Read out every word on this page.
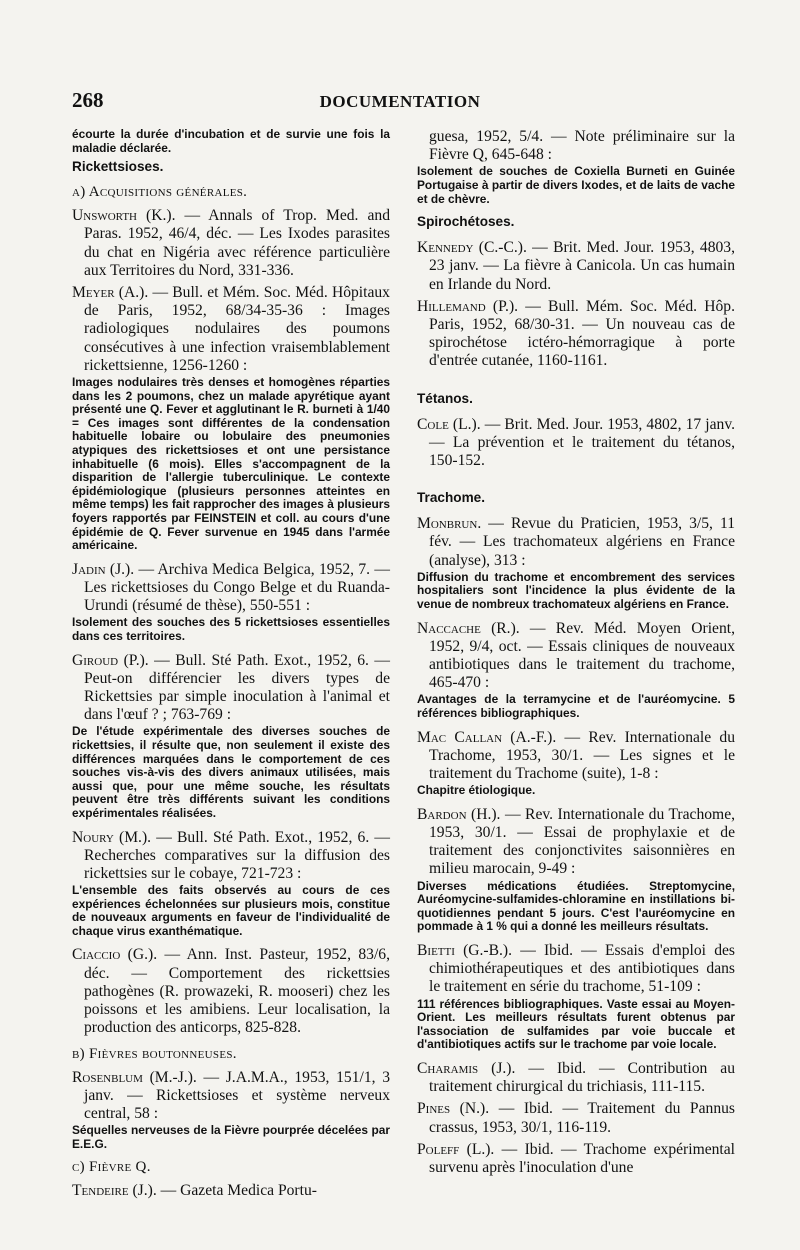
268	DOCUMENTATION

écourte la durée d'incubation et de survie une fois la maladie déclarée.

Rickettsioses.
a) Acquisitions générales.

Unsworth (K.). — Annals of Trop. Med. and Paras. 1952, 46/4, déc. — Les Ixodes parasites du chat en Nigéria avec référence particulière aux Territoires du Nord, 331-336.

Meyer (A.). — Bull. et Mém. Soc. Méd. Hôpitaux de Paris, 1952, 68/34-35-36 : Images radiologiques nodulaires des poumons consécutives à une infection vraisemblablement rickettsienne, 1256-1260 :

Images nodulaires très denses et homogènes réparties dans les 2 poumons, chez un malade apyrétique ayant présenté une Q. Fever et agglutinant le R. burneti à 1/40 = Ces images sont différentes de la condensation habituelle lobaire ou lobulaire des pneumonies atypiques des rickettsioses et ont une persistance inhabituelle (6 mois). Elles s'accompagnent de la disparition de l'allergie tuberculinique. Le contexte épidémiologique (plusieurs personnes atteintes en même temps) les fait rapprocher des images à plusieurs foyers rapportés par FEINSTEIN et coll. au cours d'une épidémie de Q. Fever survenue en 1945 dans l'armée américaine.

Jadin (J.). — Archiva Medica Belgica, 1952, 7. — Les rickettsioses du Congo Belge et du Ruanda-Urundi (résumé de thèse), 550-551 :

Isolement des souches des 5 rickettsioses essentielles dans ces territoires.

Giroud (P.). — Bull. Sté Path. Exot., 1952, 6. — Peut-on différencier les divers types de Rickettsies par simple inoculation à l'animal et dans l'œuf ? ; 763-769 :

De l'étude expérimentale des diverses souches de rickettsies, il résulte que, non seulement il existe des différences marquées dans le comportement de ces souches vis-à-vis des divers animaux utilisées, mais aussi que, pour une même souche, les résultats peuvent être très différents suivant les conditions expérimentales réalisées.

Noury (M.). — Bull. Sté Path. Exot., 1952, 6. — Recherches comparatives sur la diffusion des rickettsies sur le cobaye, 721-723 :

L'ensemble des faits observés au cours de ces expériences échelonnées sur plusieurs mois, constitue de nouveaux arguments en faveur de l'individualité de chaque virus exanthématique.

Ciaccio (G.). — Ann. Inst. Pasteur, 1952, 83/6, déc. — Comportement des rickettsies pathogènes (R. prowazeki, R. mooseri) chez les poissons et les amibiens. Leur localisation, la production des anticorps, 825-828.

b) Fièvres boutonneuses.

Rosenblum (M.-J.). — J.A.M.A., 1953, 151/1, 3 janv. — Rickettsioses et système nerveux central, 58 :

Séquelles nerveuses de la Fièvre pourprée décelées par E.E.G.

c) Fièvre Q.

Tendeire (J.). — Gazeta Medica Portu-

guesa, 1952, 5/4. — Note préliminaire sur la Fièvre Q, 645-648 :

Isolement de souches de Coxiella Burneti en Guinée Portugaise à partir de divers Ixodes, et de laits de vache et de chèvre.

Spirochétoses.

Kennedy (C.-C.). — Brit. Med. Jour. 1953, 4803, 23 janv. — La fièvre à Canicola. Un cas humain en Irlande du Nord.

Hillemand (P.). — Bull. Mém. Soc. Méd. Hôp. Paris, 1952, 68/30-31. — Un nouveau cas de spirochétose ictéro-hémorragique à porte d'entrée cutanée, 1160-1161.

Tétanos.

Cole (L.). — Brit. Med. Jour. 1953, 4802, 17 janv. — La prévention et le traitement du tétanos, 150-152.

Trachome.

Monbrun. — Revue du Praticien, 1953, 3/5, 11 fév. — Les trachomateux algériens en France (analyse), 313 :

Diffusion du trachome et encombrement des services hospitaliers sont l'incidence la plus évidente de la venue de nombreux trachomateux algériens en France.

Naccache (R.). — Rev. Méd. Moyen Orient, 1952, 9/4, oct. — Essais cliniques de nouveaux antibiotiques dans le traitement du trachome, 465-470 :

Avantages de la terramycine et de l'auréomycine. 5 références bibliographiques.

Mac Callan (A.-F.). — Rev. Internationale du Trachome, 1953, 30/1. — Les signes et le traitement du Trachome (suite), 1-8 :

Chapitre étiologique.

Bardon (H.). — Rev. Internationale du Trachome, 1953, 30/1. — Essai de prophylaxie et de traitement des conjonctivites saisonnières en milieu marocain, 9-49 :

Diverses médications étudiées. Streptomycine, Auréomycine-sulfamides-chloramine en instillations bi-quotidiennes pendant 5 jours. C'est l'auréomycine en pommade à 1 % qui a donné les meilleurs résultats.

Bietti (G.-B.). — Ibid. — Essais d'emploi des chimiothérapeutiques et des antibiotiques dans le traitement en série du trachome, 51-109 :

111 références bibliographiques. Vaste essai au Moyen-Orient. Les meilleurs résultats furent obtenus par l'association de sulfamides par voie buccale et d'antibiotiques actifs sur le trachome par voie locale.

Charamis (J.). — Ibid. — Contribution au traitement chirurgical du trichiasis, 111-115.

Pines (N.). — Ibid. — Traitement du Pannus crassus, 1953, 30/1, 116-119.

Poleff (L.). — Ibid. — Trachome expérimental survenu après l'inoculation d'une
